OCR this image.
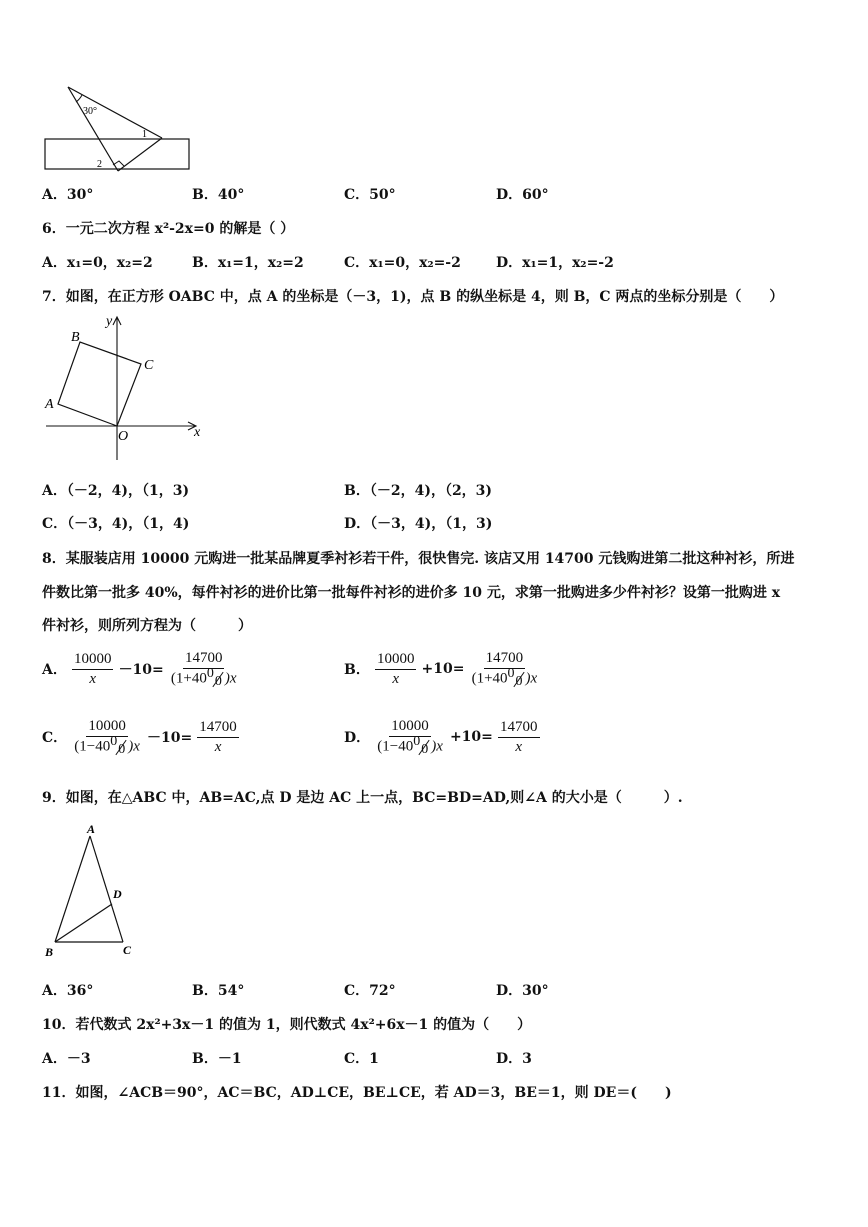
30°
1
2
A．30°	B．40°	C．50°	D．60°
6．一元二次方程 x²-2x=0 的解是（ ）
A．x₁=0，x₂=2	B．x₁=1，x₂=2	C．x₁=0，x₂=-2	D．x₁=1，x₂=-2
7．如图，在正方形 OABC 中，点 A 的坐标是（－3，1)，点 B 的纵坐标是 4，则 B，C 两点的坐标分别是（　　）
B
y
C
A
O	x
A．（－2，4)，（1，3)	B．（－2，4)，（2，3)
C．（－3，4)，（1，4)	D．（－3，4)，（1，3)
8．某服装店用 10000 元购进一批某品牌夏季衬衫若干件，很快售完. 该店又用 14700 元钱购进第二批这种衬衫，所进
件数比第一批多 40%，每件衬衫的进价比第一批每件衬衫的进价多 10 元，求第一批购进多少件衬衫？设第一批购进 x
件衬衫，则所列方程为（　　　）
A． $\frac{10000}{x} -10= 14700$
(1+40 0
0 )x	B． $\frac{10000}{x} +10= 14700$
(1+40 0
0 )x
C． 10000
(1−40 0
0 )$x -10= \frac{14700}{x}$	D． 10000
(1−40 0
0 )$x +10= \frac{14700}{x}$
9．如图，在△ABC 中，AB=AC,点 D 是边 AC 上一点，BC=BD=AD,则∠A 的大小是（　　　）.
A
D
B	C
A．36°	B．54°	C．72°	D．30°
10．若代数式 2x²+3x－1 的值为 1，则代数式 4x²+6x－1 的值为（　　）
A．－3	B．－1	C．1	D．3
11．如图，∠ACB＝90°，AC＝BC，AD⊥CE，BE⊥CE，若 AD＝3，BE＝1，则 DE＝(　　)
